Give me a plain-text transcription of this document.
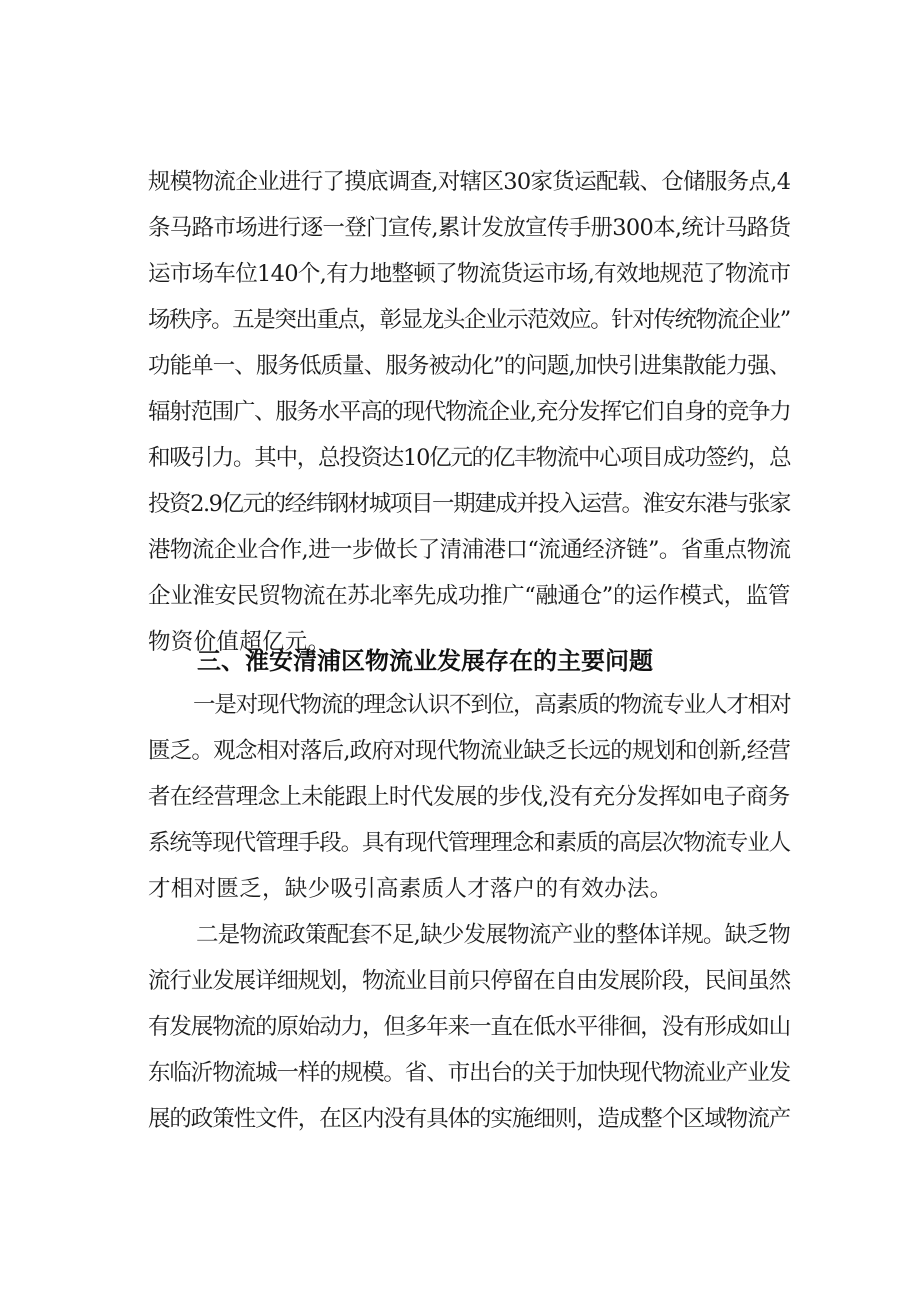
规模物流企业进行了摸底调查,对辖区30家货运配载、仓储服务点,4
条马路市场进行逐一登门宣传,累计发放宣传手册300本,统计马路货
运市场车位140个,有力地整顿了物流货运市场,有效地规范了物流市
场秩序。五是突出重点，彰显龙头企业示范效应。针对传统物流企业”
功能单一、服务低质量、服务被动化”的问题,加快引进集散能力强、
辐射范围广、服务水平高的现代物流企业,充分发挥它们自身的竞争力
和吸引力。其中，总投资达10亿元的亿丰物流中心项目成功签约，总
投资2.9亿元的经纬钢材城项目一期建成并投入运营。淮安东港与张家
港物流企业合作,进一步做长了清浦港口“流通经济链”。省重点物流
企业淮安民贸物流在苏北率先成功推广“融通仓”的运作模式，监管
物资价值超亿元。
三、淮安清浦区物流业发展存在的主要问题
一是对现代物流的理念认识不到位，高素质的物流专业人才相对
匮乏。观念相对落后,政府对现代物流业缺乏长远的规划和创新,经营
者在经营理念上未能跟上时代发展的步伐,没有充分发挥如电子商务
系统等现代管理手段。具有现代管理理念和素质的高层次物流专业人
才相对匮乏，缺少吸引高素质人才落户的有效办法。
二是物流政策配套不足,缺少发展物流产业的整体详规。缺乏物
流行业发展详细规划，物流业目前只停留在自由发展阶段，民间虽然
有发展物流的原始动力，但多年来一直在低水平徘徊，没有形成如山
东临沂物流城一样的规模。省、市出台的关于加快现代物流业产业发
展的政策性文件，在区内没有具体的实施细则，造成整个区域物流产
